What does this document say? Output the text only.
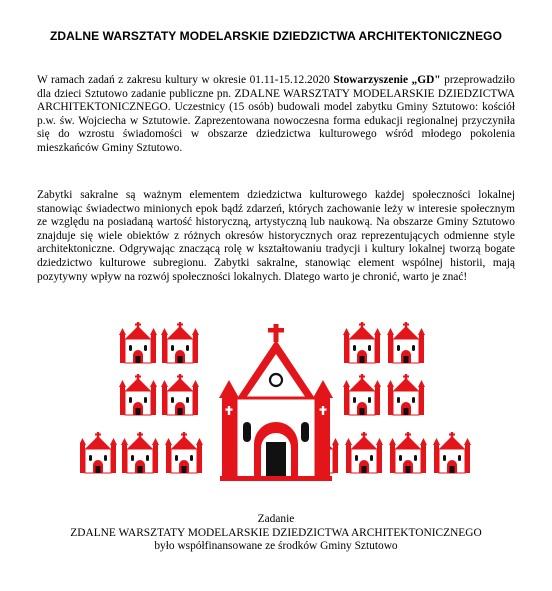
ZDALNE WARSZTATY MODELARSKIE DZIEDZICTWA ARCHITEKTONICZNEGO
W ramach zadań z zakresu kultury w okresie 01.11-15.12.2020 Stowarzyszenie „GD" przeprowadziło dla dzieci Sztutowo zadanie publiczne pn. ZDALNE WARSZTATY MODELARSKIE DZIEDZICTWA ARCHITEKTONICZNEGO. Uczestnicy (15 osób) budowali model zabytku Gminy Sztutowo: kościół p.w. św. Wojciecha w Sztutowie. Zaprezentowana nowoczesna forma edukacji regionalnej przyczyniła się do wzrostu świadomości w obszarze dziedzictwa kulturowego wśród młodego pokolenia mieszkańców Gminy Sztutowo.
Zabytki sakralne są ważnym elementem dziedzictwa kulturowego każdej społeczności lokalnej stanowiąc świadectwo minionych epok bądź zdarzeń, których zachowanie leży w interesie społecznym ze względu na posiadaną wartość historyczną, artystyczną lub naukową. Na obszarze Gminy Sztutowo znajduje się wiele obiektów z różnych okresów historycznych oraz reprezentujących odmienne style architektoniczne. Odgrywając znaczącą rolę w kształtowaniu tradycji i kultury lokalnej tworzą bogate dziedzictwo kulturowe subregionu. Zabytki sakralne, stanowiąc element wspólnej historii, mają pozytywny wpływ na rozwój społeczności lokalnych. Dlatego warto je chronić, warto je znać!
Zadanie
ZDALNE WARSZTATY MODELARSKIE DZIEDZICTWA ARCHITEKTONICZNEGO
było współfinansowane ze środków Gminy Sztutowo
